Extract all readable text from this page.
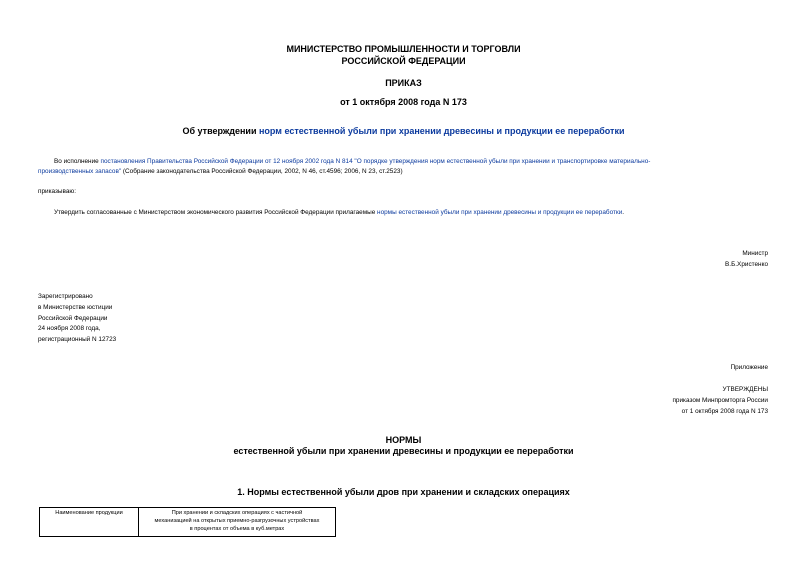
МИНИСТЕРСТВО ПРОМЫШЛЕННОСТИ И ТОРГОВЛИ
РОССИЙСКОЙ ФЕДЕРАЦИИ
ПРИКАЗ
от 1 октября 2008 года N 173
Об утверждении норм естественной убыли при хранении древесины и продукции ее переработки
Во исполнение постановления Правительства Российской Федерации от 12 ноября 2002 года N 814 "О порядке утверждения норм естественной убыли при хранении и транспортировке материально-
производственных запасов" (Собрание законодательства Российской Федерации, 2002, N 46, ст.4596; 2006, N 23, ст.2523)
приказываю:
Утвердить согласованные с Министерством экономического развития Российской Федерации прилагаемые нормы естественной убыли при хранении древесины и продукции ее переработки.
Министр
В.Б.Христенко
Зарегистрировано
в Министерстве юстиции
Российской Федерации
24 ноября 2008 года,
регистрационный N 12723
Приложение
УТВЕРЖДЕНЫ
приказом Минпромторга России
от 1 октября 2008 года N 173
НОРМЫ
естественной убыли при хранении древесины и продукции ее переработки
1. Нормы естественной убыли дров при хранении и складских операциях
Наименование продукции	При хранении и складских операциях с частичной
механизацией на открытых приемно-разгрузочных устройствах
в процентах от объема в куб.метрах
